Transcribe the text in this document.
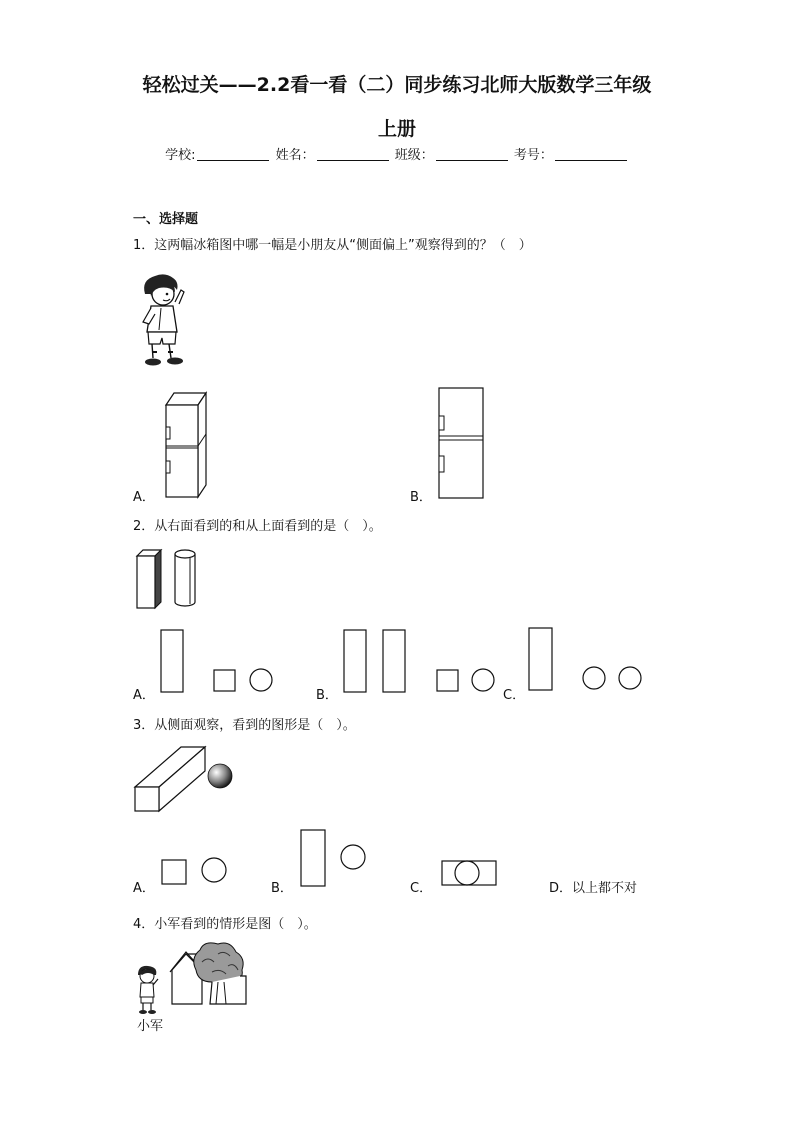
轻松过关——2.2看一看（二）同步练习北师大版数学三年级
上册
学校:	姓名：	班级：	考号：
一、选择题
1．这两幅冰箱图中哪一幅是小朋友从“侧面偏上”观察得到的？（　）
A．	B．
2．从右面看到的和从上面看到的是（　）。
A．	B．	C．
3．从侧面观察，看到的图形是（　）。
A．	B．	C．	D．以上都不对
4．小军看到的情形是图（　）。
小军
